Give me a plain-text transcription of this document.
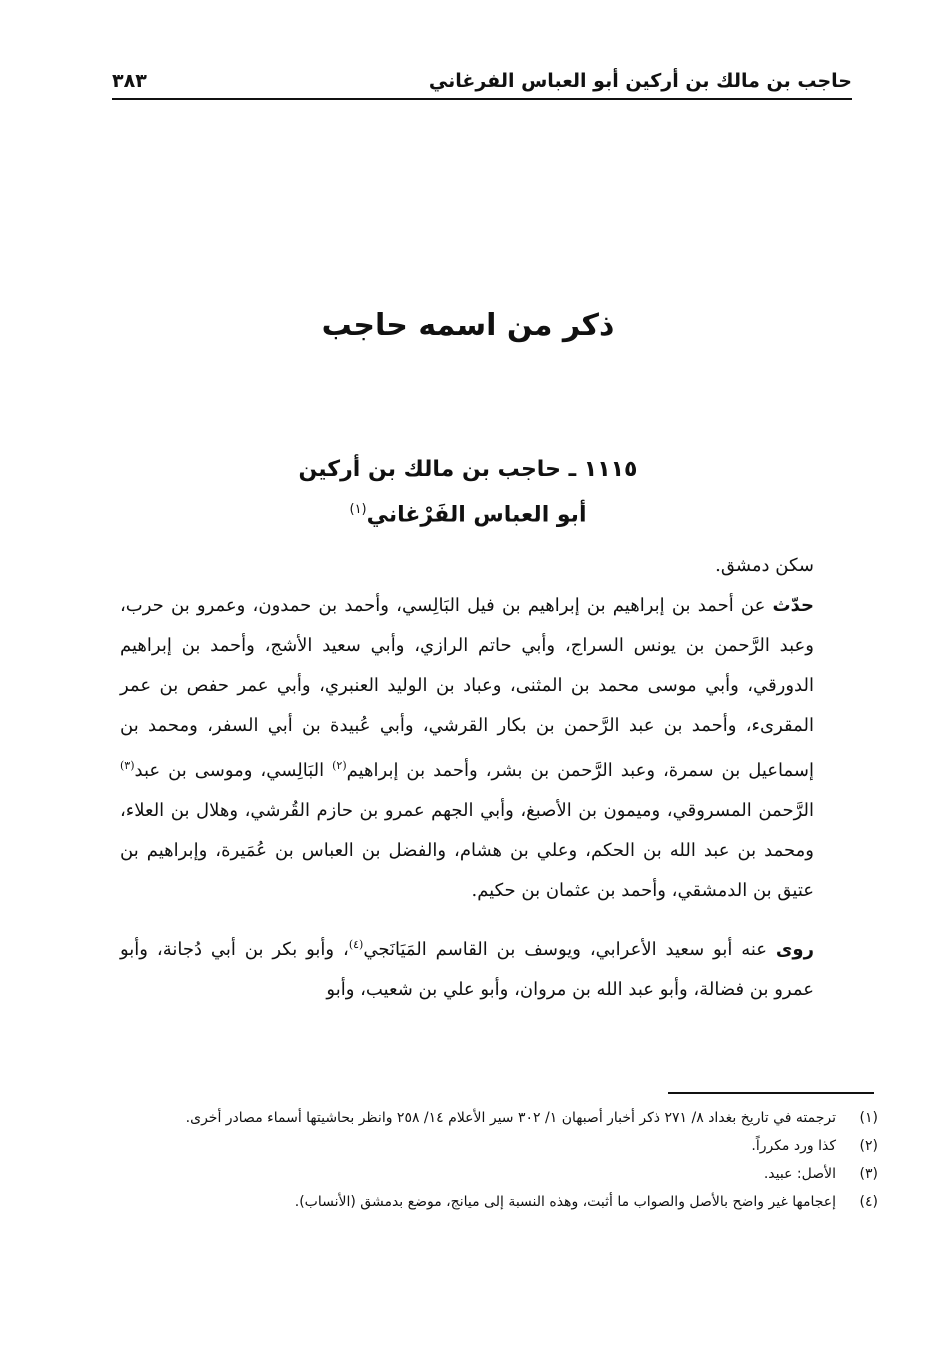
حاجب بن مالك بن أركين أبو العباس الفرغاني
٣٨٣
ذكر من اسمه حاجب
١١١٥ ـ حاجب بن مالك بن أركين
أبو العباس الفَرْغاني$^{(١)}$

سكن دمشق.

حدّث عن أحمد بن إبراهيم بن إبراهيم بن فيل البَالِسي، وأحمد بن حمدون، وعمرو بن حرب، وعبد الرَّحمن بن يونس السراج، وأبي حاتم الرازي، وأبي سعيد الأشج، وأحمد بن إبراهيم الدورقي، وأبي موسى محمد بن المثنى، وعباد بن الوليد العنبري، وأبي عمر حفص بن عمر المقرىء، وأحمد بن عبد الرَّحمن بن بكار القرشي، وأبي عُبيدة بن أبي السفر، ومحمد بن إسماعيل بن سمرة، وعبد الرَّحمن بن بشر، وأحمد بن إبراهيم$^{(٢)}$ البَالِسي، وموسى بن عبد$^{(٣)}$ الرَّحمن المسروقي، وميمون بن الأصبغ، وأبي الجهم عمرو بن حازم القُرشي، وهلال بن العلاء، ومحمد بن عبد الله بن الحكم، وعلي بن هشام، والفضل بن العباس بن عُمَيرة، وإبراهيم بن عتيق بن الدمشقي، وأحمد بن عثمان بن حكيم.

روى عنه أبو سعيد الأعرابي، ويوسف بن القاسم المَيَانَجي$^{(٤)}$، وأبو بكر بن أبي دُجانة، وأبو عمرو بن فضالة، وأبو عبد الله بن مروان، وأبو علي بن شعيب، وأبو

(١)
ترجمته في تاريخ بغداد ٨/ ٢٧١ ذكر أخبار أصبهان ١/ ٣٠٢ سير الأعلام ١٤/ ٢٥٨ وانظر بحاشيتها أسماء مصادر أخرى.
(٢)
كذا ورد مكرراً.
(٣)
الأصل: عبيد.
(٤)
إعجامها غير واضح بالأصل والصواب ما أثبت، وهذه النسبة إلى ميانج، موضع بدمشق (الأنساب).
